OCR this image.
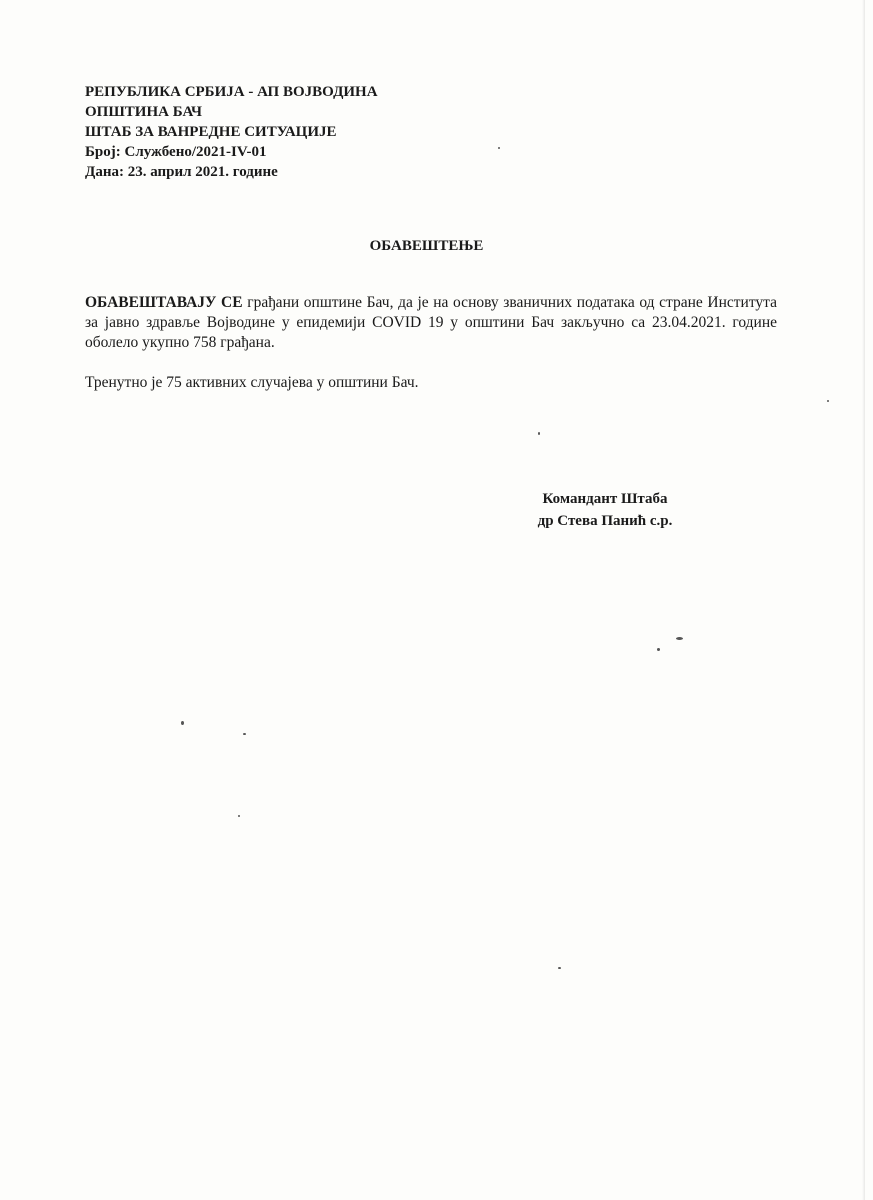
РЕПУБЛИКА СРБИЈА - АП ВОЈВОДИНА
ОПШТИНА БАЧ
ШТАБ ЗА ВАНРЕДНЕ СИТУАЦИЈЕ
Број: Службено/2021-IV-01
Дана: 23. април 2021. године
ОБАВЕШТЕЊЕ
ОБАВЕШТАВАЈУ СЕ грађани општине Бач, да је на основу званичних података од стране Института за јавно здравље Војводине у епидемији COVID 19 у општини Бач закључно са 23.04.2021. године оболело укупно 758 грађана.
Тренутно је 75 активних случајева у општини Бач.
Командант Штаба
др Стева Панић с.р.
